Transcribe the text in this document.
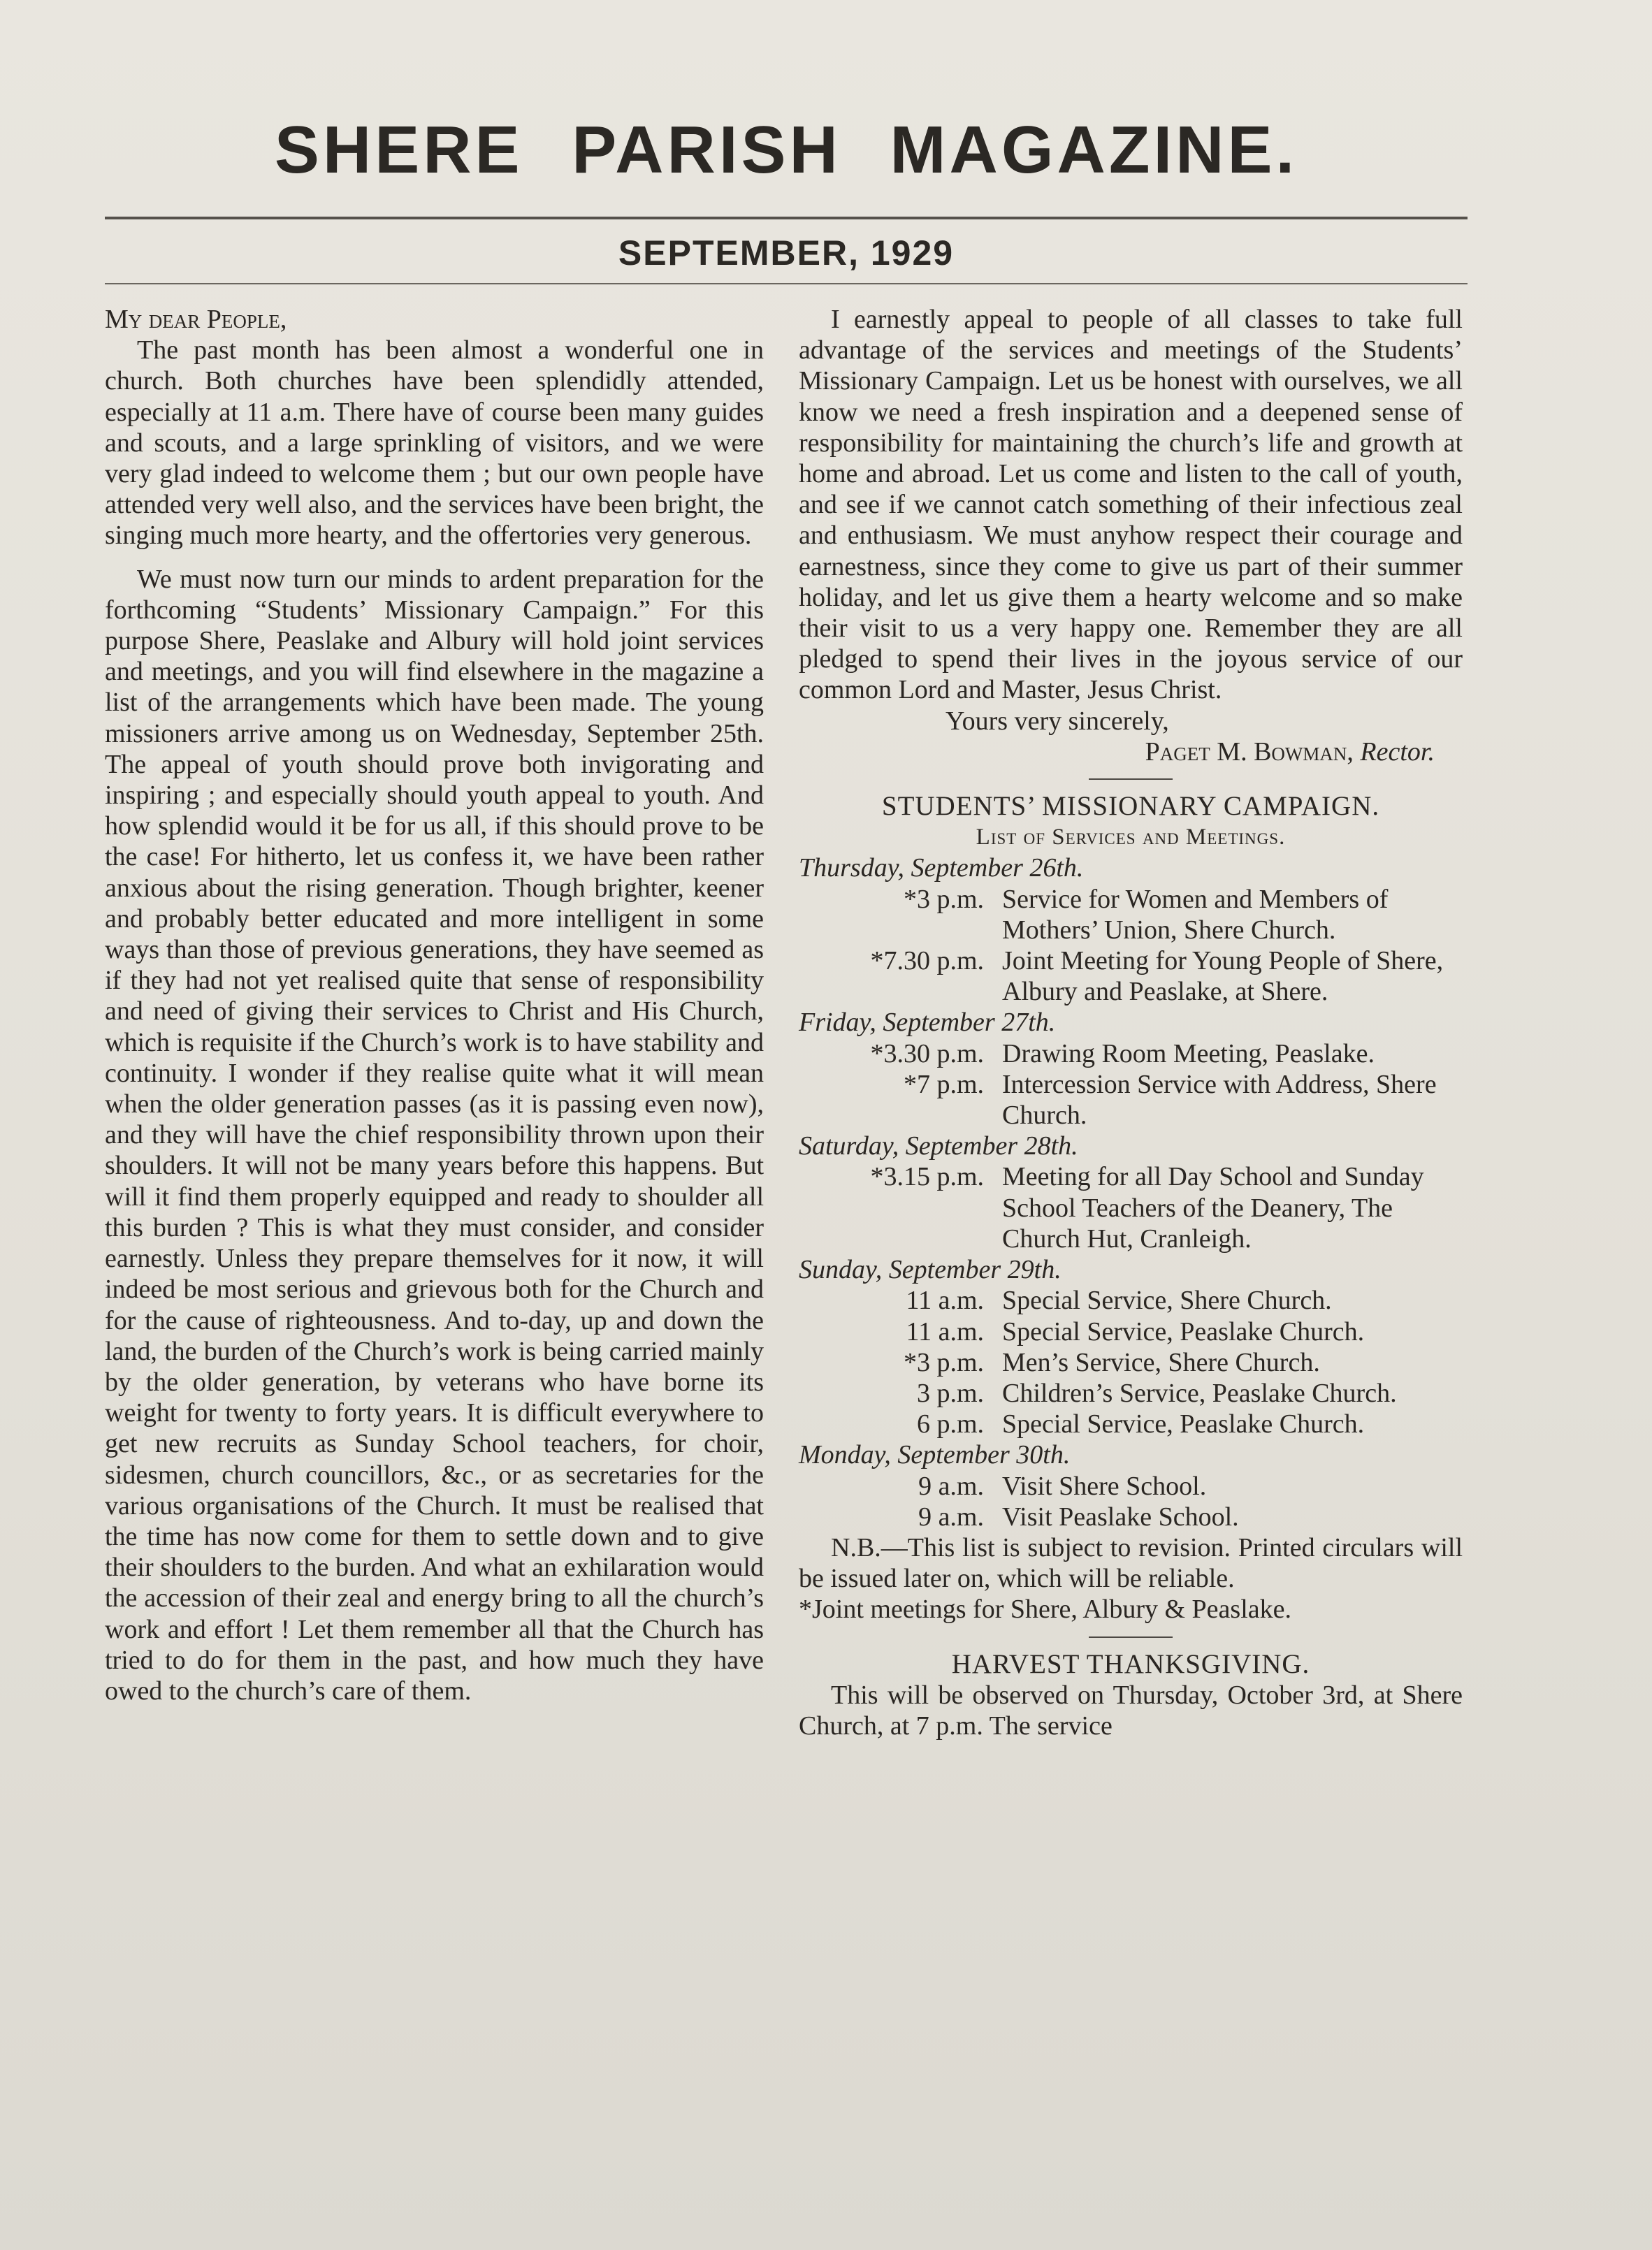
SHERE PARISH MAGAZINE.
SEPTEMBER, 1929

My dear People,

The past month has been almost a wonderful one in church. Both churches have been splendidly attended, especially at 11 a.m. There have of course been many guides and scouts, and a large sprinkling of visitors, and we were very glad indeed to welcome them ; but our own people have attended very well also, and the services have been bright, the singing much more hearty, and the offertories very generous.

We must now turn our minds to ardent preparation for the forthcoming “Students’ Missionary Campaign.” For this purpose Shere, Peaslake and Albury will hold joint services and meetings, and you will find elsewhere in the magazine a list of the arrangements which have been made. The young missioners arrive among us on Wednesday, September 25th. The appeal of youth should prove both invigorating and inspiring ; and especially should youth appeal to youth. And how splendid would it be for us all, if this should prove to be the case! For hitherto, let us confess it, we have been rather anxious about the rising generation. Though brighter, keener and probably better educated and more intelligent in some ways than those of previous generations, they have seemed as if they had not yet realised quite that sense of responsibility and need of giving their services to Christ and His Church, which is requisite if the Church’s work is to have stability and continuity. I wonder if they realise quite what it will mean when the older generation passes (as it is passing even now), and they will have the chief responsibility thrown upon their shoulders. It will not be many years before this happens. But will it find them properly equipped and ready to shoulder all this burden ? This is what they must consider, and consider earnestly. Unless they prepare themselves for it now, it will indeed be most serious and grievous both for the Church and for the cause of righteousness. And to-day, up and down the land, the burden of the Church’s work is being carried mainly by the older generation, by veterans who have borne its weight for twenty to forty years. It is difficult everywhere to get new recruits as Sunday School teachers, for choir, sidesmen, church councillors, &c., or as secretaries for the various organisations of the Church. It must be realised that the time has now come for them to settle down and to give their shoulders to the burden. And what an exhilaration would the accession of their zeal and energy bring to all the church’s work and effort ! Let them remember all that the Church has tried to do for them in the past, and how much they have owed to the church’s care of them.

I earnestly appeal to people of all classes to take full advantage of the services and meetings of the Students’ Missionary Campaign. Let us be honest with ourselves, we all know we need a fresh inspiration and a deepened sense of responsibility for maintaining the church’s life and growth at home and abroad. Let us come and listen to the call of youth, and see if we cannot catch something of their infectious zeal and enthusiasm. We must anyhow respect their courage and earnestness, since they come to give us part of their summer holiday, and let us give them a hearty welcome and so make their visit to us a very happy one. Remember they are all pledged to spend their lives in the joyous service of our common Lord and Master, Jesus Christ.

Yours very sincerely,

Paget M. Bowman, Rector.

STUDENTS’ MISSIONARY CAMPAIGN.

List of Services and Meetings.

Thursday, September 26th.

*3 p.m. Service for Women and Members of Mothers’ Union, Shere Church.
*7.30 p.m. Joint Meeting for Young People of Shere, Albury and Peaslake, at Shere.

Friday, September 27th.

*3.30 p.m. Drawing Room Meeting, Peaslake.
*7 p.m. Intercession Service with Address, Shere Church.

Saturday, September 28th.

*3.15 p.m. Meeting for all Day School and Sunday School Teachers of the Deanery, The Church Hut, Cranleigh.

Sunday, September 29th.

11 a.m. Special Service, Shere Church.
11 a.m. Special Service, Peaslake Church.
*3 p.m. Men’s Service, Shere Church.
3 p.m. Children’s Service, Peaslake Church.
6 p.m. Special Service, Peaslake Church.

Monday, September 30th.

9 a.m. Visit Shere School.
9 a.m. Visit Peaslake School.

N.B.—This list is subject to revision. Printed circulars will be issued later on, which will be reliable.

*Joint meetings for Shere, Albury & Peaslake.

HARVEST THANKSGIVING.

This will be observed on Thursday, October 3rd, at Shere Church, at 7 p.m. The service
